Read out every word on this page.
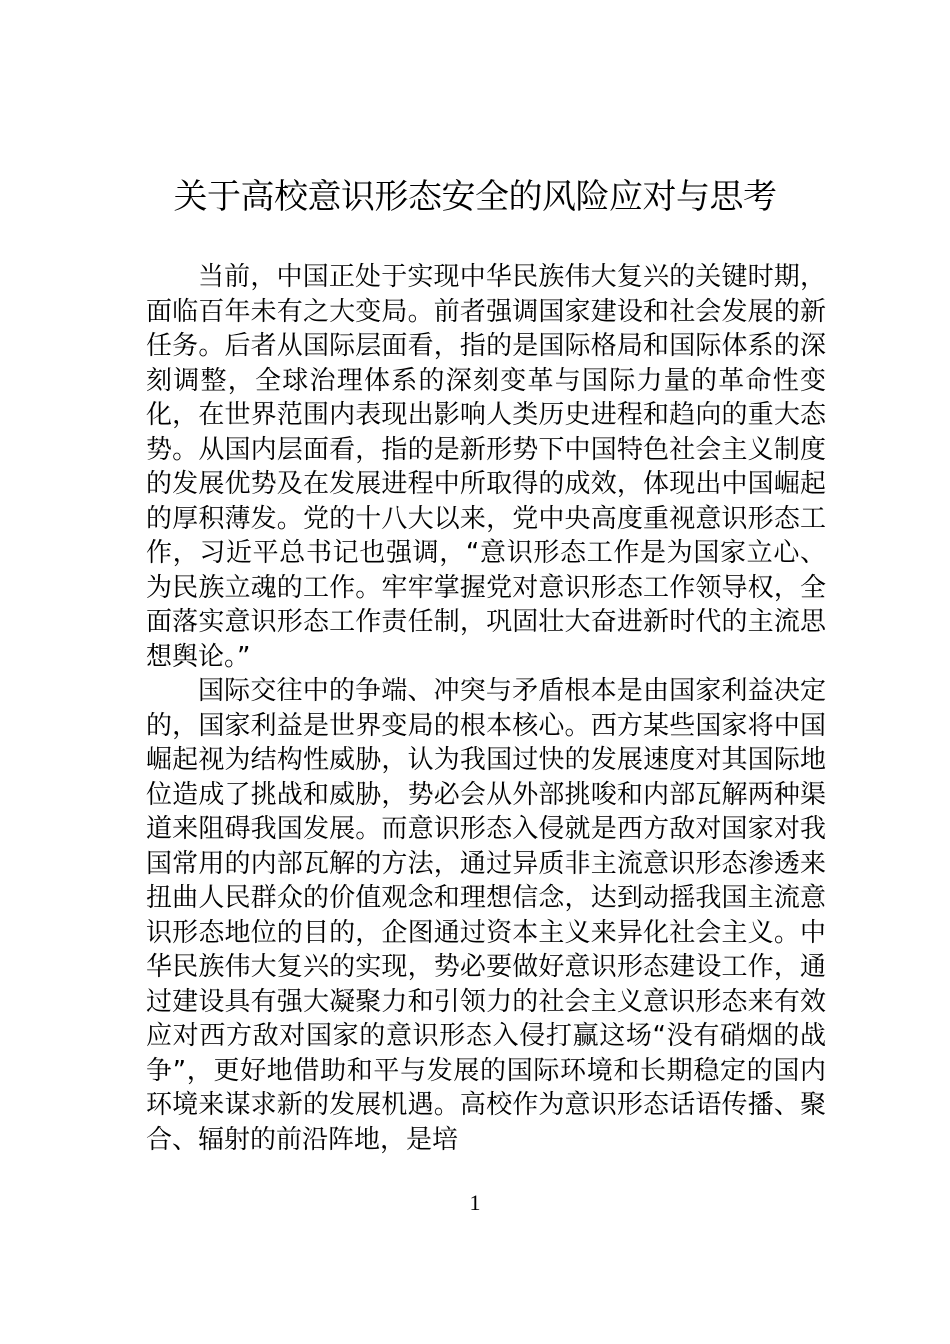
关于高校意识形态安全的风险应对与思考

当前，中国正处于实现中华民族伟大复兴的关键时期，面临百年未有之大变局。前者强调国家建设和社会发展的新任务。后者从国际层面看，指的是国际格局和国际体系的深刻调整，全球治理体系的深刻变革与国际力量的革命性变化，在世界范围内表现出影响人类历史进程和趋向的重大态势。从国内层面看，指的是新形势下中国特色社会主义制度的发展优势及在发展进程中所取得的成效，体现出中国崛起的厚积薄发。党的十八大以来，党中央高度重视意识形态工作，习近平总书记也强调，“意识形态工作是为国家立心、为民族立魂的工作。牢牢掌握党对意识形态工作领导权，全面落实意识形态工作责任制，巩固壮大奋进新时代的主流思想舆论。”

国际交往中的争端、冲突与矛盾根本是由国家利益决定的，国家利益是世界变局的根本核心。西方某些国家将中国崛起视为结构性威胁，认为我国过快的发展速度对其国际地位造成了挑战和威胁，势必会从外部挑唆和内部瓦解两种渠道来阻碍我国发展。而意识形态入侵就是西方敌对国家对我国常用的内部瓦解的方法，通过异质非主流意识形态渗透来扭曲人民群众的价值观念和理想信念，达到动摇我国主流意识形态地位的目的，企图通过资本主义来异化社会主义。中华民族伟大复兴的实现，势必要做好意识形态建设工作，通过建设具有强大凝聚力和引领力的社会主义意识形态来有效应对西方敌对国家的意识形态入侵打赢这场“没有硝烟的战争”，更好地借助和平与发展的国际环境和长期稳定的国内环境来谋求新的发展机遇。高校作为意识形态话语传播、聚合、辐射的前沿阵地，是培

1
